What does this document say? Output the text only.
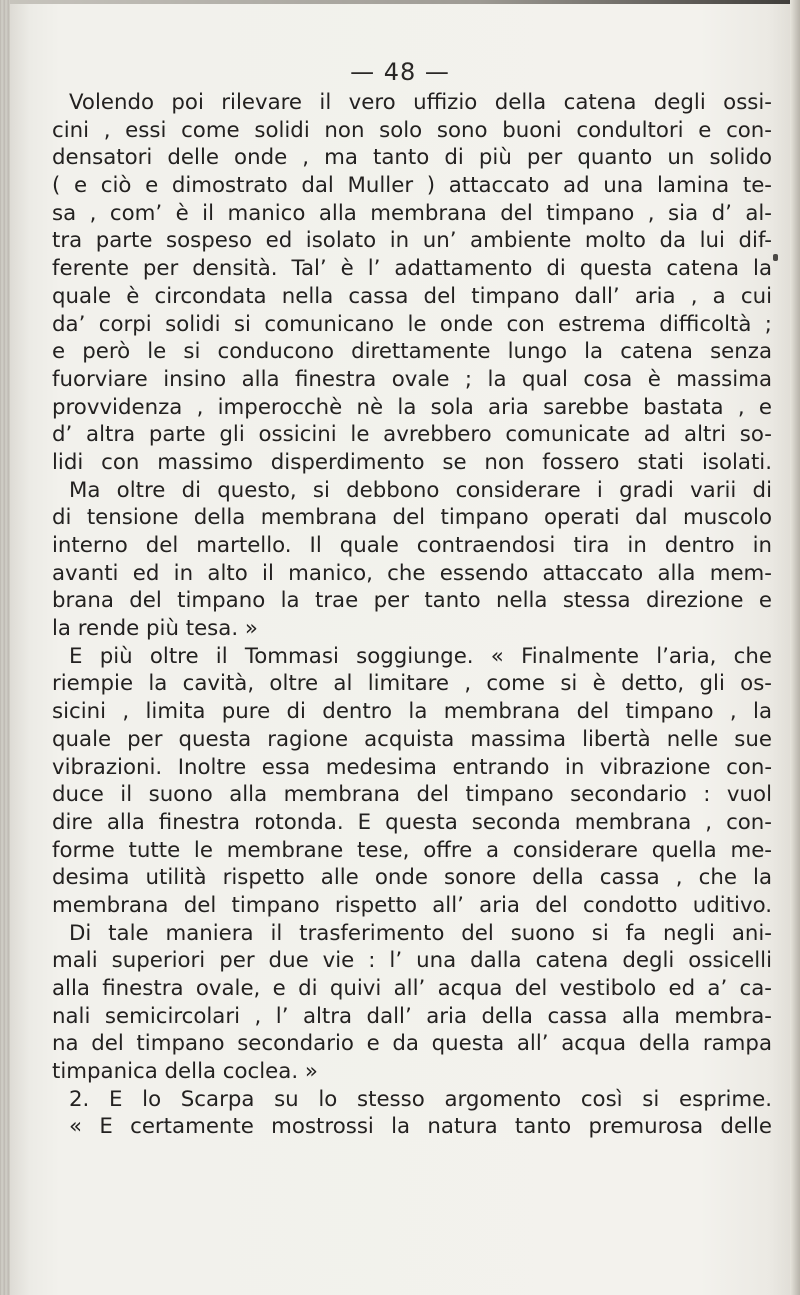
— 48 —
Volendo poi rilevare il vero uffizio della catena degli ossi-
cini , essi come solidi non solo sono buoni condultori e con-
densatori delle onde , ma tanto di più per quanto un solido
( e ciò e dimostrato dal Muller ) attaccato ad una lamina te-
sa , com’ è il manico alla membrana del timpano , sia d’ al-
tra parte sospeso ed isolato in un’ ambiente molto da lui dif-
ferente per densità. Tal’ è l’ adattamento di questa catena la
quale è circondata nella cassa del timpano dall’ aria , a cui
da’ corpi solidi si comunicano le onde con estrema difficoltà ;
e però le si conducono direttamente lungo la catena senza
fuorviare insino alla finestra ovale ; la qual cosa è massima
provvidenza , imperocchè nè la sola aria sarebbe bastata , e
d’ altra parte gli ossicini le avrebbero comunicate ad altri so-
lidi con massimo disperdimento se non fossero stati isolati.
Ma oltre di questo, si debbono considerare i gradi varii di
di tensione della membrana del timpano operati dal muscolo
interno del martello. Il quale contraendosi tira in dentro in
avanti ed in alto il manico, che essendo attaccato alla mem-
brana del timpano la trae per tanto nella stessa direzione e
la rende più tesa. »
E più oltre il Tommasi soggiunge. « Finalmente l’aria, che
riempie la cavità, oltre al limitare , come si è detto, gli os-
sicini , limita pure di dentro la membrana del timpano , la
quale per questa ragione acquista massima libertà nelle sue
vibrazioni. Inoltre essa medesima entrando in vibrazione con-
duce il suono alla membrana del timpano secondario : vuol
dire alla finestra rotonda. E questa seconda membrana , con-
forme tutte le membrane tese, offre a considerare quella me-
desima utilità rispetto alle onde sonore della cassa , che la
membrana del timpano rispetto all’ aria del condotto uditivo.
Di tale maniera il trasferimento del suono si fa negli ani-
mali superiori per due vie : l’ una dalla catena degli ossicelli
alla finestra ovale, e di quivi all’ acqua del vestibolo ed a’ ca-
nali semicircolari , l’ altra dall’ aria della cassa alla membra-
na del timpano secondario e da questa all’ acqua della rampa
timpanica della coclea. »
2. E lo Scarpa su lo stesso argomento così si esprime.
« E certamente mostrossi la natura tanto premurosa delle
